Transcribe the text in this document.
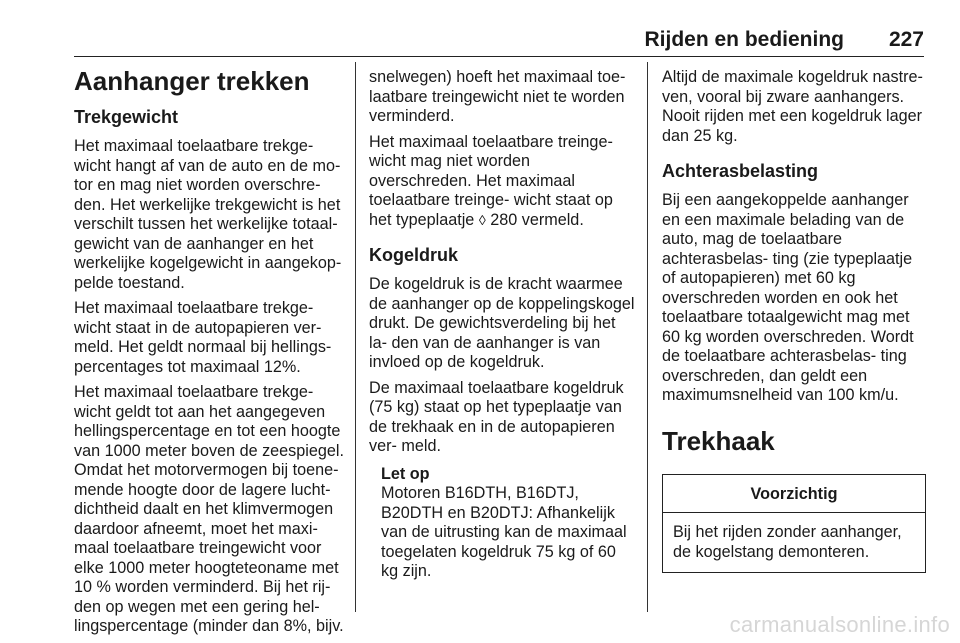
Rijden en bediening 227
Aanhanger trekken
Trekgewicht

Het maximaal toelaatbare trekge- wicht hangt af van de auto en de mo- tor en mag niet worden overschre- den. Het werkelijke trekgewicht is het verschilt tussen het werkelijke totaal- gewicht van de aanhanger en het werkelijke kogelgewicht in aangekop- pelde toestand.

Het maximaal toelaatbare trekge- wicht staat in de autopapieren ver- meld. Het geldt normaal bij hellings- percentages tot maximaal 12%.

Het maximaal toelaatbare trekge- wicht geldt tot aan het aangegeven hellingspercentage en tot een hoogte van 1000 meter boven de zeespiegel. Omdat het motorvermogen bij toene- mende hoogte door de lagere lucht- dichtheid daalt en het klimvermogen daardoor afneemt, moet het maxi- maal toelaatbare treingewicht voor elke 1000 meter hoogteteoname met 10 % worden verminderd. Bij het rij- den op wegen met een gering hel- lingspercentage (minder dan 8%, bijv.

snelwegen) hoeft het maximaal toe- laatbare treingewicht niet te worden verminderd.

Het maximaal toelaatbare treinge- wicht mag niet worden overschreden. Het maximaal toelaatbare treinge- wicht staat op het typeplaatje ◊ 280 vermeld.

Kogeldruk

De kogeldruk is de kracht waarmee de aanhanger op de koppelingskogel drukt. De gewichtsverdeling bij het la- den van de aanhanger is van invloed op de kogeldruk.

De maximaal toelaatbare kogeldruk (75 kg) staat op het typeplaatje van de trekhaak en in de autopapieren ver- meld.

Let op
Motoren B16DTH, B16DTJ, B20DTH en B20DTJ: Afhankelijk van de uitrusting kan de maximaal toegelaten kogeldruk 75 kg of 60 kg zijn.

Altijd de maximale kogeldruk nastre- ven, vooral bij zware aanhangers. Nooit rijden met een kogeldruk lager dan 25 kg.

Achterasbelasting

Bij een aangekoppelde aanhanger en een maximale belading van de auto, mag de toelaatbare achterasbelas- ting (zie typeplaatje of autopapieren) met 60 kg overschreden worden en ook het toelaatbare totaalgewicht mag met 60 kg worden overschreden. Wordt de toelaatbare achterasbelas- ting overschreden, dan geldt een maximumsnelheid van 100 km/u.

Trekhaak
Voorzichtig
Bij het rijden zonder aanhanger, de kogelstang demonteren.
carmanualsonline.info
